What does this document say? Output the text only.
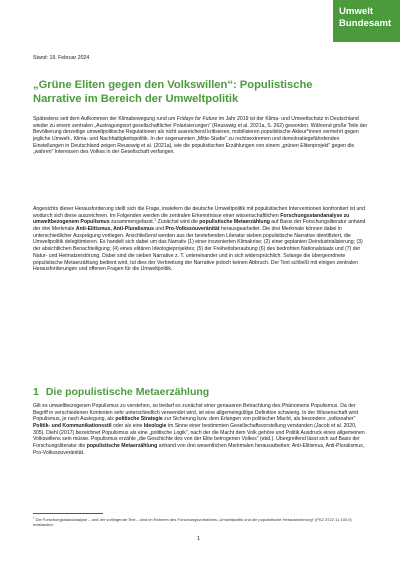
Umwelt
Bundesamt
Stand: 19. Februar 2024
„Grüne Eliten gegen den Volkswillen“: Populistische Narrative im Bereich der Umweltpolitik

Spätestens seit dem Aufkommen der Klimabewegung rund um Fridays for Future im Jahr 2019 ist der Klima- und Umweltschutz in Deutschland wieder zu einem zentralen „Austragungsort gesellschaftlicher Polarisierungen“ (Reusswig et al. 2021a, S. 262) geworden. Während große Teile der Bevölkerung derzeitige umweltpolitische Regulationen als nicht ausreichend kritisieren, mobilisieren populistische Akteur*innen vermehrt gegen jegliche Umwelt-, Klima- und Nachhaltigkeitspolitik. In der sogenannten „Mitte-Studie“ zu rechtsextremen und demokratiegefährdenden Einstellungen in Deutschland zeigen Reusswig et al. (2021a), wie die populistischen Erzählungen von einem „grünen Elitenprojekt“ gegen die „wahren“ Interessen des Volkes in der Gesellschaft verfangen.

Angesichts dieser Herausforderung stellt sich die Frage, inwiefern die deutsche Umweltpolitik mit populistischen Interventionen konfrontiert ist und wodurch sich diese auszeichnen. Im Folgenden werden die zentralen Erkenntnisse einer wissenschaftlichen Forschungsstandanalyse zu umweltbezogenem Populismus zusammengefasst.$^1$ Zunächst wird die populistische Metaerzählung auf Basis der Forschungsliteratur anhand der drei Merkmale Anti-Elitismus, Anti-Pluralismus und Pro-Volkssouveränität herausgearbeitet. Die drei Merkmale können dabei in unterschiedlicher Ausprägung vorliegen. Anschließend werden aus der bestehenden Literatur sieben populistische Narrative identifiziert, die Umweltpolitik delegitimieren. Es handelt sich dabei um das Narrativ (1) einer inszenierten Klimakrise; (2) einer geplanten Deindustrialisierung; (3) der absichtlichen Benachteiligung; (4) eines elitären Ideologieprojektes; (5) der Freiheitsberaubung (6) des bedrohten Nationalstaats und (7) der Natur- und Heimatzerstörung. Dabei sind die sieben Narrative z. T. untereinander und in sich widersprüchlich. Solange die übergeordnete populistische Metaerzählung bedient wird, tut dies der Verbreitung der Narrative jedoch keinen Abbruch. Der Text schließt mit einigen zentralen Herausforderungen und offenen Fragen für die Umweltpolitik.

1 Die populistische Metaerzählung

Gilt es umweltbezogenen Populismus zu verstehen, so bedarf es zunächst einer genaueren Betrachtung des Phänomens Populismus. Da der Begriff in verschiedenen Kontexten sehr unterschiedlich verwendet wird, ist eine allgemeingültige Definition schwierig. In der Wissenschaft wird Populismus, je nach Auslegung, als politische Strategie zur Sicherung bzw. dem Erlangen von politischer Macht, als besonders „volksnaher“ Politik- und Kommunikationsstil oder als eine Ideologie im Sinne einer bestimmten Gesellschaftsvorstellung verstanden (Jacob et al. 2020, 305). Diehl (2017) bezeichnet Populismus als eine „politische Logik“, nach der die Macht dem Volk gehöre und Politik Ausdruck eines allgemeinen Volkswillens sein müsse. Populismus erzähle „die Geschichte des von der Elite betrogenen Volkes“ (ebd.). Übergreifend lässt sich auf Basis der Forschungsliteratur die populistische Metaerzählung anhand von drei wesentlichen Merkmalen herausarbeiten: Anti-Elitismus, Anti-Pluralismus, Pro-Volkssouveränität.

$^1$ Die Forschungsstandanalyse – und der vorliegende Text – sind im Rahmen des Forschungsvorhabens „Umweltpolitik und die populistische Herausforderung“ (FKZ 3722 11 103 0) entstanden.

1
